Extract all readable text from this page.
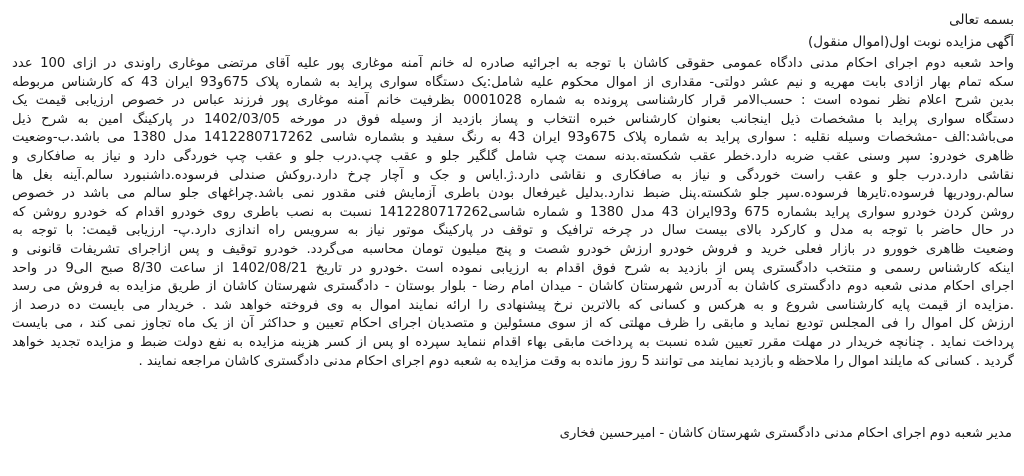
بسمه تعالی
آگهی مزایده نوبت اول(اموال منقول)
واحد شعبه دوم اجرای احکام مدنی دادگاه عمومی حقوقی کاشان با توجه به اجرائیه صادره له خانم آمنه موغاری پور علیه آقای مرتضی موغاری راوندی در ازای 100 عدد
سکه تمام بهار ازادی بابت مهریه و نیم عشر دولتی- مقداری از اموال محکوم علیه شامل:یک دستگاه سواری پراید به شماره پلاک 675و93 ایران 43 که کارشناس مربوطه
بدین شرح اعلام نظر نموده است : حسب‌الامر قرار کارشناسی پرونده به شماره 0001028 بظرفیت خانم آمنه موغاری پور فرزند عباس در خصوص ارزیابی قیمت یک
دستگاه سواری پراید با مشخصات ذیل اینجانب بعنوان کارشناس خبره انتخاب و پساز بازدید از وسیله فوق در مورخه 1402/03/05 در پارکینگ امین به شرح ذیل
می‌باشد:الف -مشخصات وسیله نقلیه : سواری پراید به شماره پلاک 675و93 ایران 43 به رنگ سفید و بشماره شاسی 1412280717262 مدل 1380 می باشد.ب-وضعیت
ظاهری خودرو: سپر وسنی عقب ضربه دارد.خطر عقب شکسته.بدنه سمت چپ شامل گلگیر جلو و عقب چپ.درب جلو و عقب چپ خوردگی دارد و نیاز به صافکاری و
نقاشی دارد.درب جلو و عقب راست خوردگی و نیاز به صافکاری و نقاشی دارد.ژ.ایاس و جک و آچار چرخ دارد.روکش صندلی فرسوده.داشنبورد سالم.آینه بغل ها
سالم.رودریها فرسوده.تایرها فرسوده.سپر جلو شکسته.پنل ضبط ندارد.بدلیل غیرفعال بودن باطری آزمایش فنی مقدور نمی باشد.چراغهای جلو سالم می باشد در خصوص
روشن کردن خودرو سواری پراید بشماره 675 و93ایران 43 مدل 1380 و شماره شاسی1412280717262 نسبت به نصب باطری روی خودرو اقدام که خودرو روشن که
در حال حاضر با توجه به مدل و کارکرد بالای بیست سال در چرخه ترافیک و توقف در پارکینگ موتور نیاز به سرویس راه اندازی دارد.پ- ارزیابی قیمت: با توجه به
وضعیت ظاهری خوورو در بازار فعلی خرید و فروش خودرو ارزش خودرو شصت و پنج میلیون تومان محاسبه می‌گردد. خودرو توقیف و پس ازاجرای تشریفات قانونی و
اینکه کارشناس رسمی و منتخب دادگستری پس از بازدید به شرح فوق اقدام به ارزیابی نموده است .خودرو در تاریخ 1402/08/21 از ساعت 8/30 صبح الی9 در واحد
اجرای احکام مدنی شعبه دوم دادگستری کاشان به آدرس شهرستان کاشان - میدان امام رضا - بلوار بوستان - دادگستری شهرستان کاشان از طریق مزایده به فروش می رسد
.مزایده از قیمت پایه کارشناسی شروع و به هرکس و کسانی که بالاترین نرخ پیشنهادی را ارائه نمایند اموال به وی فروخته خواهد شد . خریدار می بایست ده درصد از
ارزش کل اموال را فی المجلس تودیع نماید و مابقی را ظرف مهلتی که از سوی مسئولین و متصدیان اجرای احکام تعیین و حداکثر آن از یک ماه تجاوز نمی کند ، می بایست
پرداخت نماید . چنانچه خریدار در مهلت مقرر تعیین شده نسبت به پرداخت مابقی بهاء اقدام ننماید سپرده او پس از کسر هزینه مزایده به نفع دولت ضبط و مزایده تجدید خواهد
گردید . کسانی که مایلند اموال را ملاحظه و بازدید نمایند می توانند 5 روز مانده به وقت مزایده به شعبه دوم اجرای احکام مدنی دادگستری کاشان مراجعه نمایند .
مدیر شعبه دوم اجرای احکام مدنی دادگستری شهرستان کاشان - امیرحسین فخاری
